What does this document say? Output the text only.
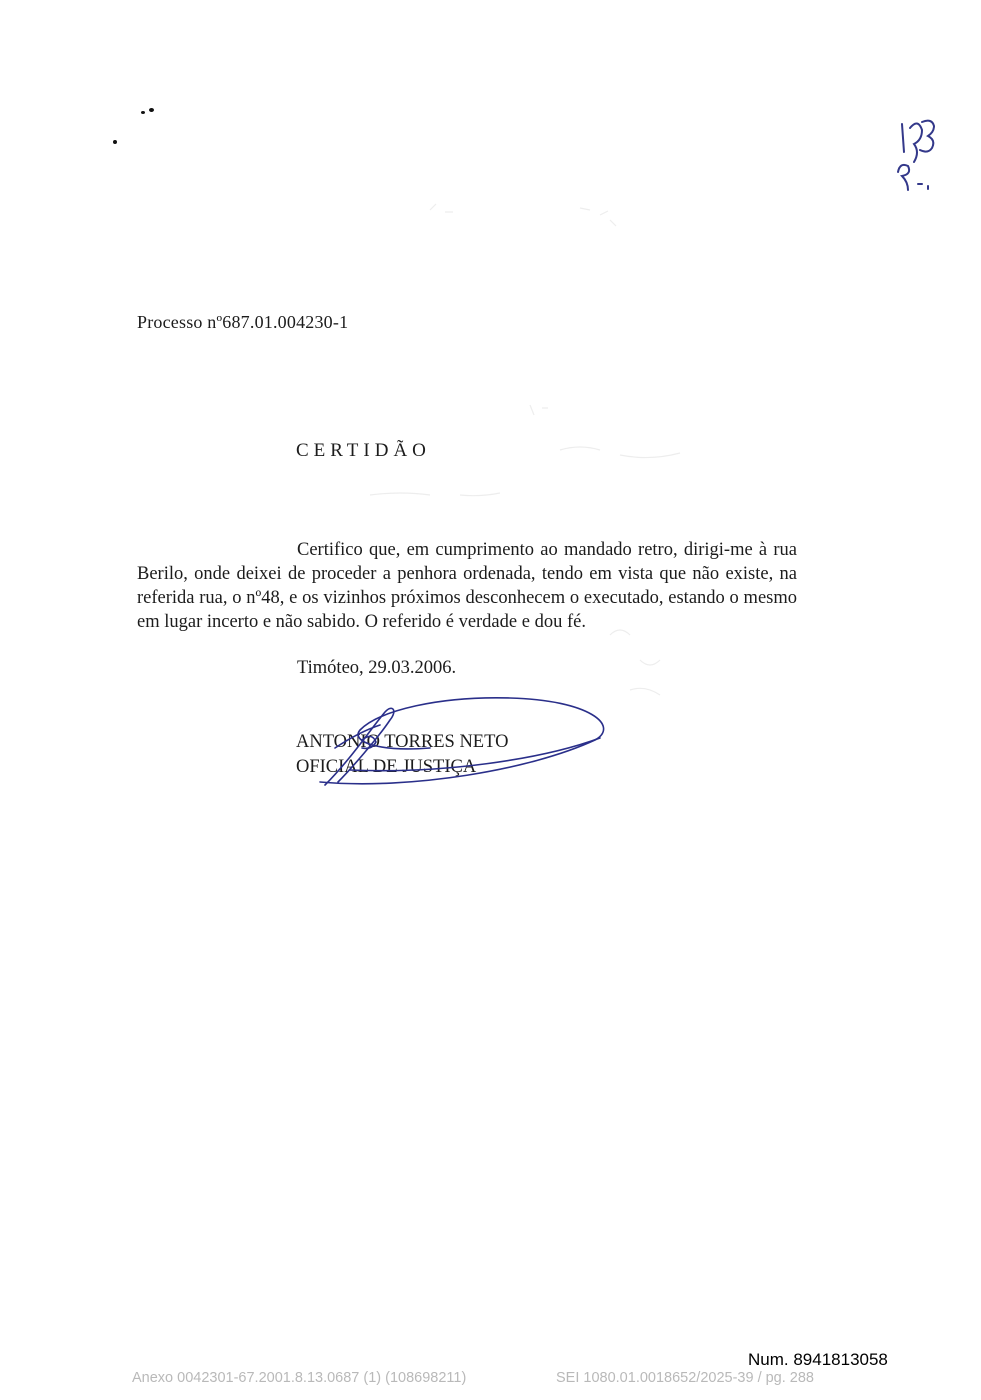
Processo nº687.01.004230-1
CERTIDÃO

Certifico que, em cumprimento ao mandado retro, dirigi-me à rua Berilo, onde deixei de proceder a penhora ordenada, tendo em vista que não existe, na referida rua, o nº48, e os vizinhos próximos desconhecem o executado, estando o mesmo em lugar incerto e não sabido. O referido é verdade e dou fé.

Timóteo, 29.03.2006.
ANTONIO TORRES NETO
OFICIAL DE JUSTIÇA
Num. 8941813058
Anexo 0042301-67.2001.8.13.0687 (1) (108698211)	SEI 1080.01.0018652/2025-39 / pg. 288
